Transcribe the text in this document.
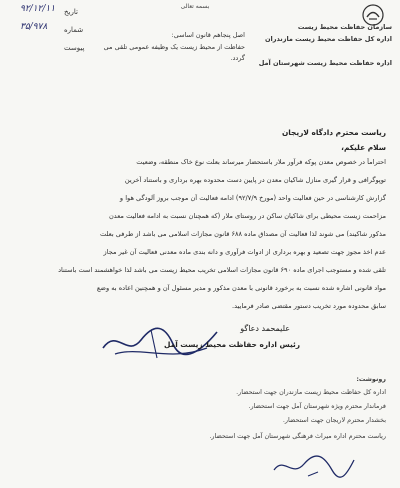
بسمه تعالی
سازمان حفاظت محیط زیست
اداره کل حفاظت محیط زیست مازندران
اداره حفاظت محیط زیست شهرستان آمل
تاریخ
۹۲/۱۲/۱۱
شماره
۳۵/۹۷۸
پیوست
اصل پنجاهم قانون اساسی:
حفاظت از محیط زیست یک وظیفه عمومی تلقی می گردد.
ریاست محترم دادگاه لاریجان
سلام علیکم،
احتراماً در خصوص معدن پوکه فرآور ملار باستحضار میرساند بعلت نوع خاک منطقه، وضعیت
توپوگرافی و قرار گیری منازل شاکیان معدن در پایین دست محدوده بهره برداری و باستناد آخرین
گزارش کارشناسی در حین فعالیت واحد (مورخ ۹۲/۷/۹) ادامه فعالیت آن موجب بروز آلودگی هوا و
مزاحمت زیست محیطی برای شاکیان ساکن در روستای ملار (که همچنان نسبت به ادامه فعالیت معدن
مذکور شاکیند) می شوند لذا فعالیت آن مصداق ماده ۶۸۸ قانون مجازات اسلامی می باشد از طرفی بعلت
عدم اخذ مجوز جهت تصعید و بهره برداری از ادوات فرآوری و دانه بندی ماده معدنی فعالیت آن غیر مجاز
تلقی شده و مستوجب اجرای ماده ۶۹۰ قانون مجازات اسلامی تخریب محیط زیست می باشد لذا خواهشمند است باستناد
مواد قانونی اشاره شده نسبت به برخورد قانونی با معدن مذکور و مدیر مسئول آن و همچنین اعاده به وضع
سابق محدوده مورد تخریب دستور مقتضی صادر فرمایید.
علیمحمد دعاگو
رئیس اداره حفاظت محیط زیست آمل
رونوشت:
اداره کل حفاظت محیط زیست مازندران جهت استحضار.
فرماندار محترم ویژه شهرستان آمل جهت استحضار.
بخشدار محترم لاریجان جهت استحضار.
ریاست محترم اداره میراث فرهنگی شهرستان آمل جهت استحضار.
